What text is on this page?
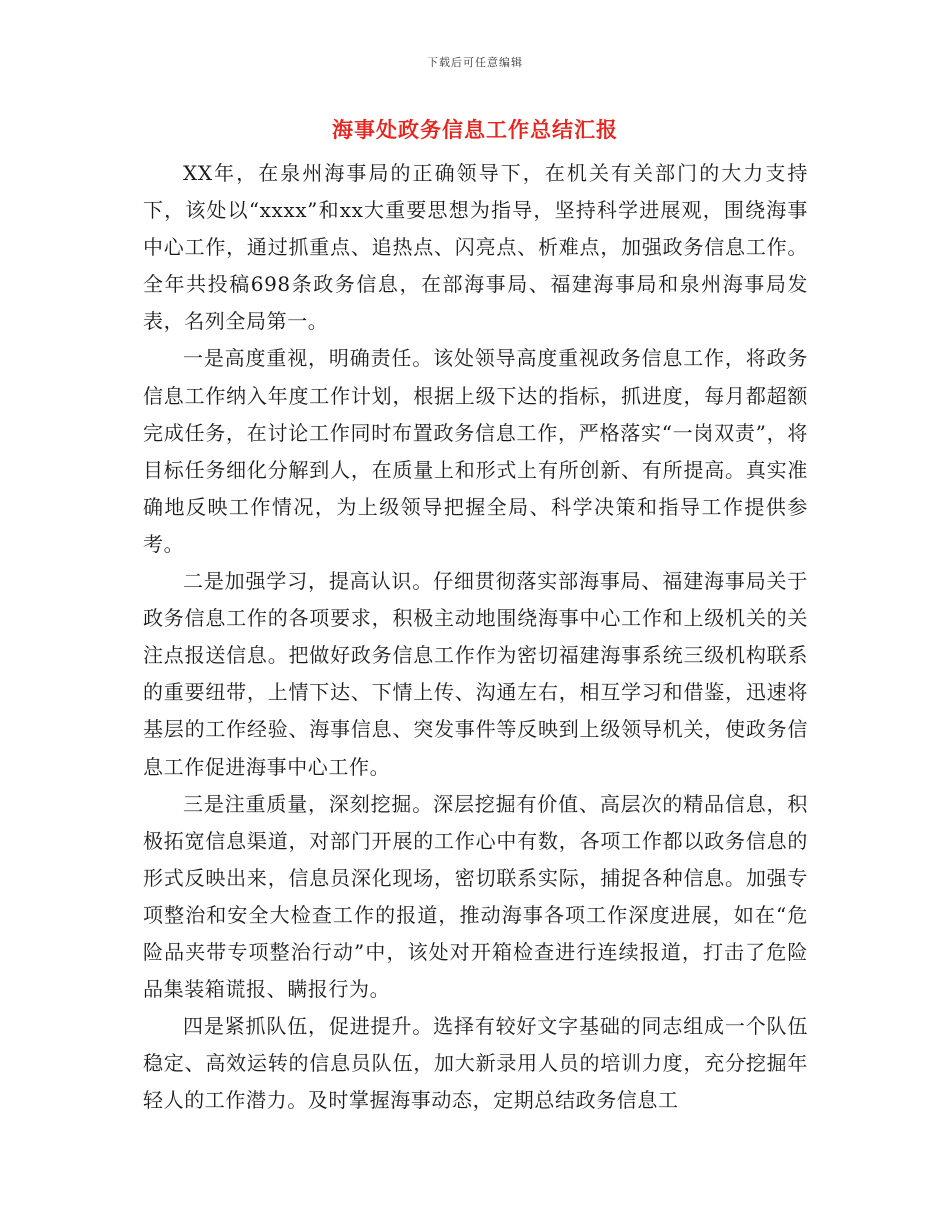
下载后可任意编辑
海事处政务信息工作总结汇报

XX年，在泉州海事局的正确领导下，在机关有关部门的大力支持下，该处以“xxxx”和xx大重要思想为指导，坚持科学进展观，围绕海事中心工作，通过抓重点、追热点、闪亮点、析难点，加强政务信息工作。全年共投稿698条政务信息，在部海事局、福建海事局和泉州海事局发表，名列全局第一。

一是高度重视，明确责任。该处领导高度重视政务信息工作，将政务信息工作纳入年度工作计划，根据上级下达的指标，抓进度，每月都超额完成任务，在讨论工作同时布置政务信息工作，严格落实“一岗双责”，将目标任务细化分解到人，在质量上和形式上有所创新、有所提高。真实准确地反映工作情况，为上级领导把握全局、科学决策和指导工作提供参考。

二是加强学习，提高认识。仔细贯彻落实部海事局、福建海事局关于政务信息工作的各项要求，积极主动地围绕海事中心工作和上级机关的关注点报送信息。把做好政务信息工作作为密切福建海事系统三级机构联系的重要纽带，上情下达、下情上传、沟通左右，相互学习和借鉴，迅速将基层的工作经验、海事信息、突发事件等反映到上级领导机关，使政务信息工作促进海事中心工作。

三是注重质量，深刻挖掘。深层挖掘有价值、高层次的精品信息，积极拓宽信息渠道，对部门开展的工作心中有数，各项工作都以政务信息的形式反映出来，信息员深化现场，密切联系实际，捕捉各种信息。加强专项整治和安全大检查工作的报道，推动海事各项工作深度进展，如在“危险品夹带专项整治行动”中，该处对开箱检查进行连续报道，打击了危险品集装箱谎报、瞒报行为。

四是紧抓队伍，促进提升。选择有较好文字基础的同志组成一个队伍稳定、高效运转的信息员队伍，加大新录用人员的培训力度，充分挖掘年轻人的工作潜力。及时掌握海事动态，定期总结政务信息工
